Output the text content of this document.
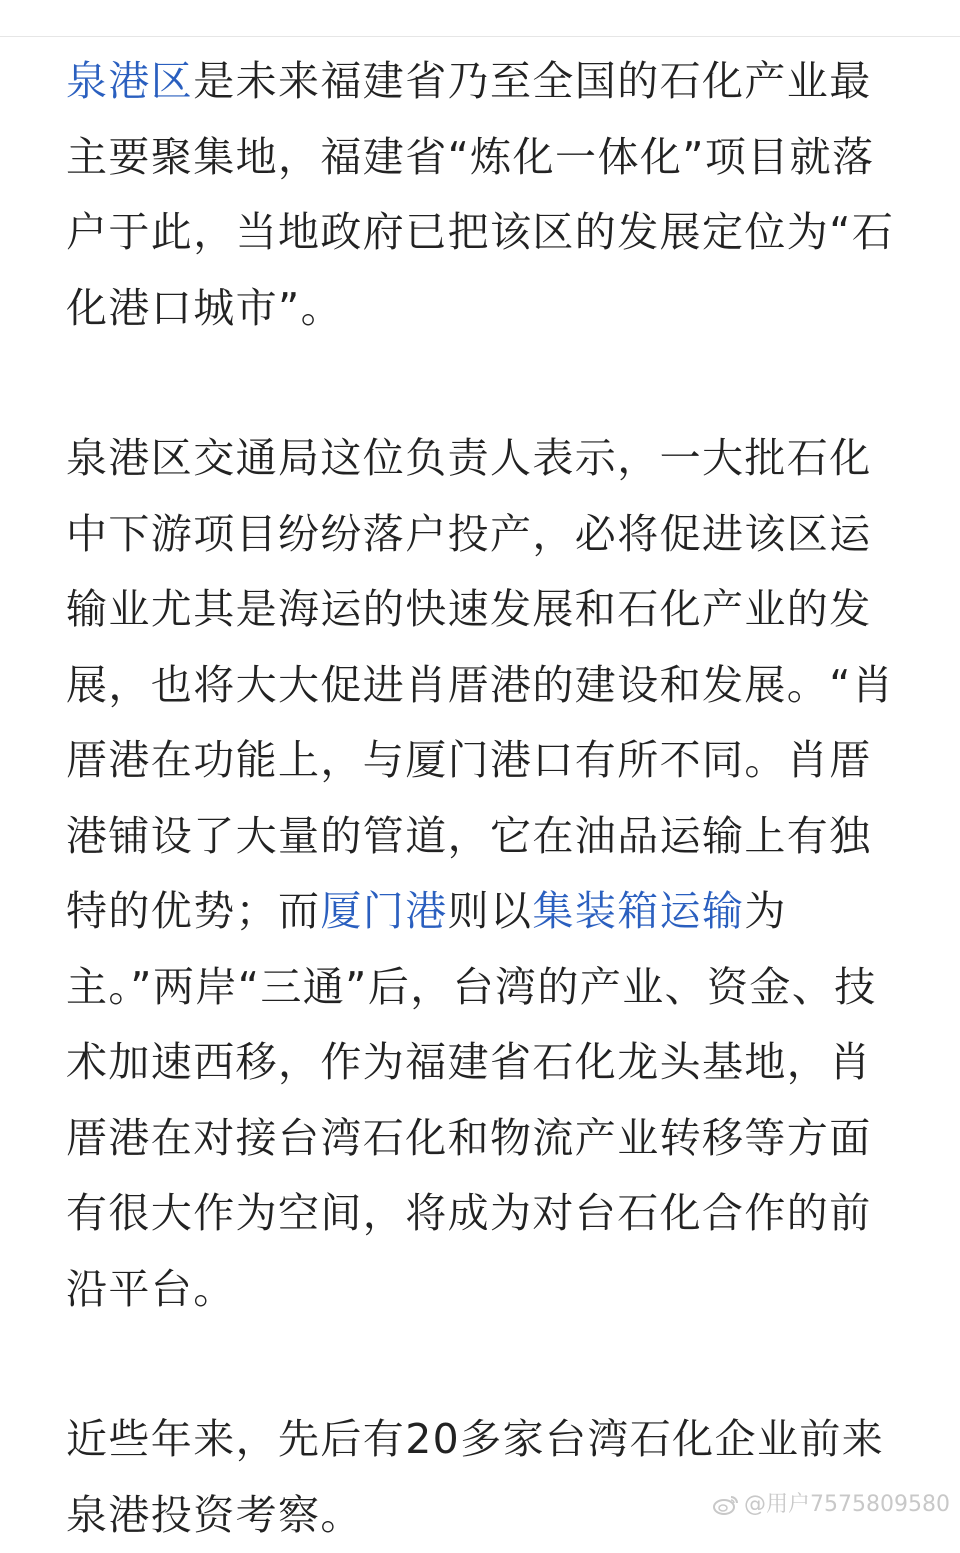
泉港区是未来福建省乃至全国的石化产业最主要聚集地，福建省“炼化一体化”项目就落户于此，当地政府已把该区的发展定位为“石化港口城市”。

泉港区交通局这位负责人表示，一大批石化中下游项目纷纷落户投产，必将促进该区运输业尤其是海运的快速发展和石化产业的发展，也将大大促进肖厝港的建设和发展。“肖厝港在功能上，与厦门港口有所不同。肖厝港铺设了大量的管道，它在油品运输上有独特的优势；而厦门港则以集装箱运输为主。”两岸“三通”后，台湾的产业、资金、技术加速西移，作为福建省石化龙头基地，肖厝港在对接台湾石化和物流产业转移等方面有很大作为空间，将成为对台石化合作的前沿平台。

近些年来，先后有20多家台湾石化企业前来泉港投资考察。	@用户7575809580
